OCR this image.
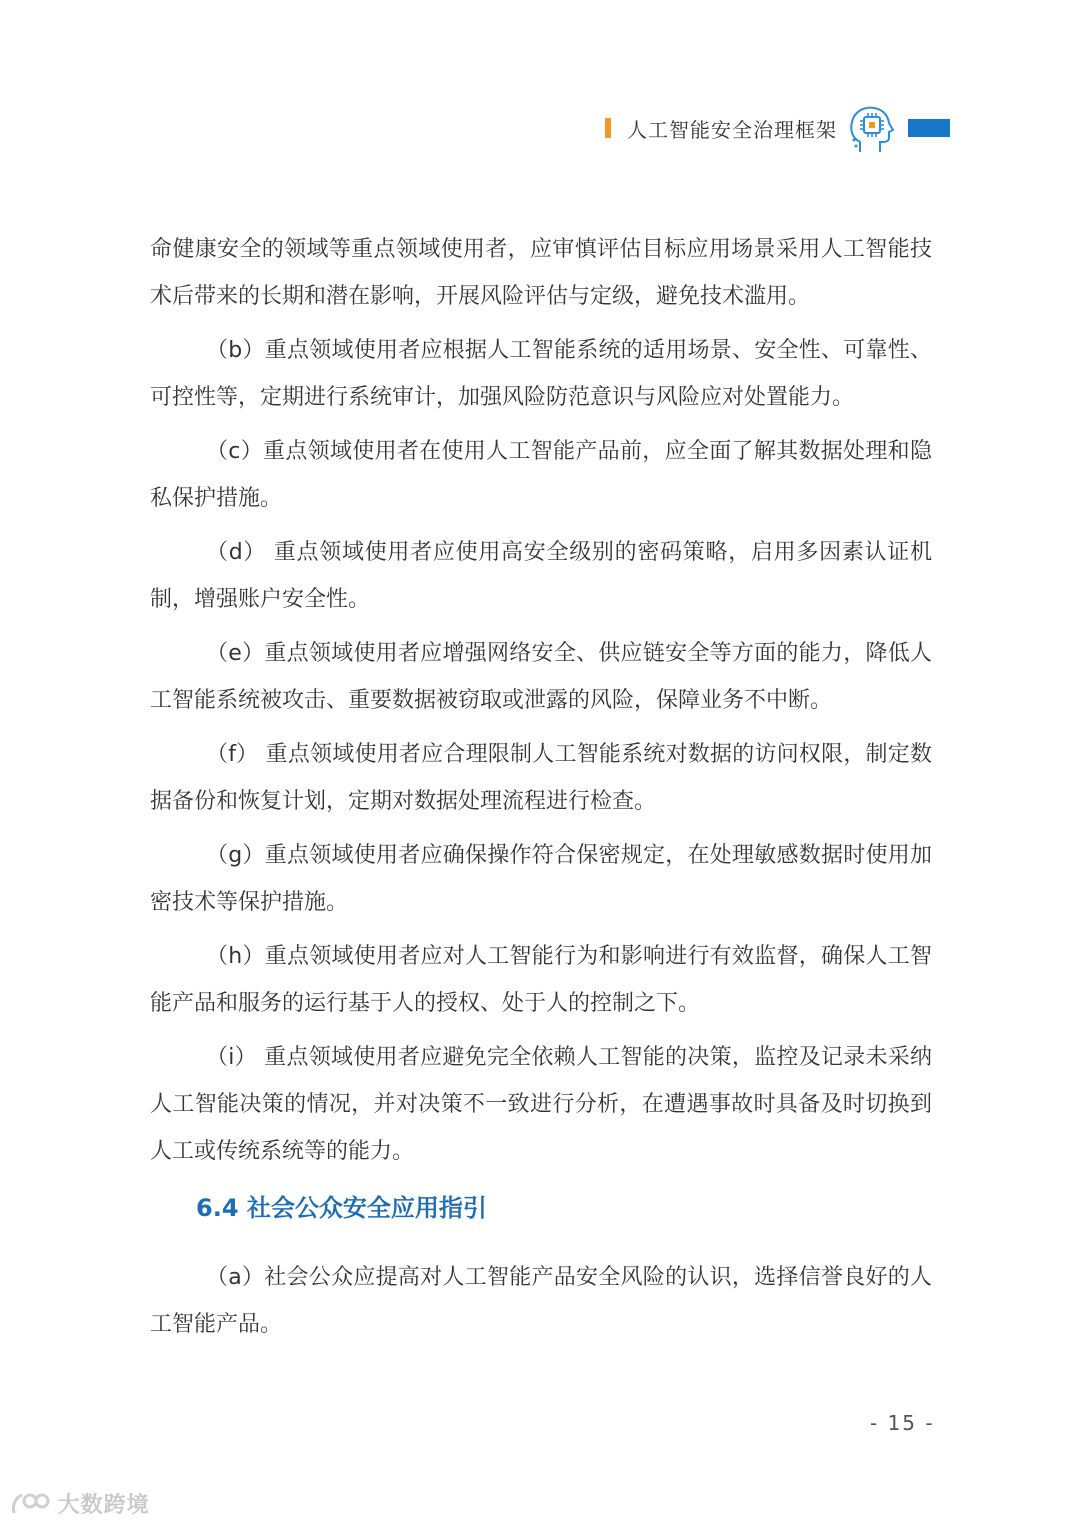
人工智能安全治理框架

命健康安全的领域等重点领域使用者，应审慎评估目标应用场景采用人工智能技术后带来的长期和潜在影响，开展风险评估与定级，避免技术滥用。

（b）重点领域使用者应根据人工智能系统的适用场景、安全性、可靠性、可控性等，定期进行系统审计，加强风险防范意识与风险应对处置能力。

（c）重点领域使用者在使用人工智能产品前，应全面了解其数据处理和隐私保护措施。

（d） 重点领域使用者应使用高安全级别的密码策略，启用多因素认证机制，增强账户安全性。

（e）重点领域使用者应增强网络安全、供应链安全等方面的能力，降低人工智能系统被攻击、重要数据被窃取或泄露的风险，保障业务不中断。

（f） 重点领域使用者应合理限制人工智能系统对数据的访问权限，制定数据备份和恢复计划，定期对数据处理流程进行检查。

（g）重点领域使用者应确保操作符合保密规定，在处理敏感数据时使用加密技术等保护措施。

（h）重点领域使用者应对人工智能行为和影响进行有效监督，确保人工智能产品和服务的运行基于人的授权、处于人的控制之下。

（i） 重点领域使用者应避免完全依赖人工智能的决策，监控及记录未采纳人工智能决策的情况，并对决策不一致进行分析，在遭遇事故时具备及时切换到人工或传统系统等的能力。

6.4 社会公众安全应用指引

（a）社会公众应提高对人工智能产品安全风险的认识，选择信誉良好的人工智能产品。

- 15 -
大数跨境
